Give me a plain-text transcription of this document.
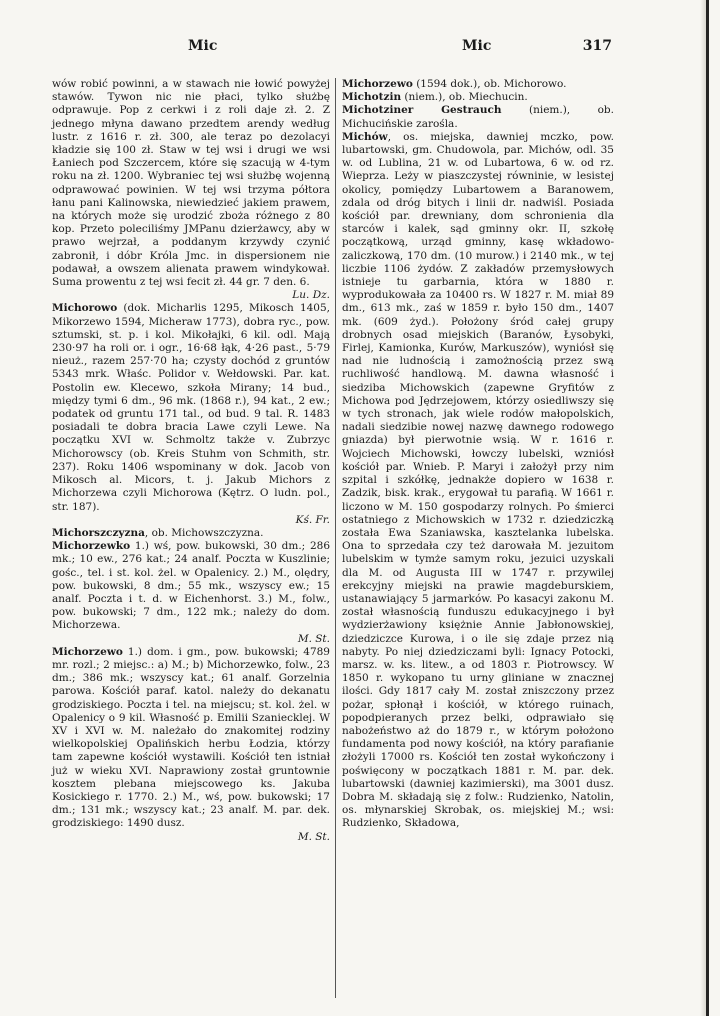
Mic	Mic	317

wów robić powinni, a w stawach nie łowić powyżej stawów. Tywon nic nie płaci, tylko służbę odprawuje. Pop z cerkwi i z roli daje zł. 2. Z jednego młyna dawano przedtem arendy według lustr. z 1616 r. zł. 300, ale teraz po dezolacyi kładzie się 100 zł. Staw w tej wsi i drugi we wsi Łaniech pod Szczercem, które się szacują w 4-tym roku na zł. 1200. Wybraniec tej wsi służbę wojenną odprawować powinien. W tej wsi trzyma półtora łanu pani Kalinowska, niewiedzieć jakiem prawem, na których może się urodzić zboża różnego z 80 kop. Przeto poleciliśmy JMPanu dzierżawcy, aby w prawo wejrzał, a poddanym krzywdy czynić zabronił, i dóbr Króla Jmc. in dispersionem nie podawał, a owszem alienata prawem windykował. Suma prowentu z tej wsi fecit zł. 44 gr. 7 den. 6.
Lu. Dz.

Michorowo (dok. Micharlis 1295, Mikosch 1405, Mikorzewo 1594, Micheraw 1773), dobra ryc., pow. sztumski, st. p. i kol. Mikołajki, 6 kil. odl. Mają 230·97 ha roli or. i ogr., 16·68 łąk, 4·26 past., 5·79 nieuż., razem 257·70 ha; czysty dochód z gruntów 5343 mrk. Właśc. Polidor v. Wełdowski. Par. kat. Postolin ew. Klecewo, szkoła Mirany; 14 bud., między tymi 6 dm., 96 mk. (1868 r.), 94 kat., 2 ew.; podatek od gruntu 171 tal., od bud. 9 tal. R. 1483 posiadali te dobra bracia Lawe czyli Lewe. Na początku XVI w. Schmoltz także v. Zubrzyc Michorowscy (ob. Kreis Stuhm von Schmith, str. 237). Roku 1406 wspominany w dok. Jacob von Mikosch al. Micors, t. j. Jakub Michors z Michorzewa czyli Michorowa (Kętrz. O ludn. pol., str. 187).
Kś. Fr.

Michorszczyzna, ob. Michowszczyzna.

Michorzewko 1.) wś, pow. bukowski, 30 dm.; 286 mk.; 10 ew., 276 kat.; 24 analf. Poczta w Kuszlinie; gośc., tel. i st. kol. żel. w Opalenicy. 2.) M., olędry, pow. bukowski, 8 dm.; 55 mk., wszyscy ew.; 15 analf. Poczta i t. d. w Eichenhorst. 3.) M., folw., pow. bukowski; 7 dm., 122 mk.; należy do dom. Michorzewa.
M. St.

Michorzewo 1.) dom. i gm., pow. bukowski; 4789 mr. rozl.; 2 miejsc.: a) M.; b) Michorzewko, folw., 23 dm.; 386 mk.; wszyscy kat.; 61 analf. Gorzelnia parowa. Kościół paraf. katol. należy do dekanatu grodziskiego. Poczta i tel. na miejscu; st. kol. żel. w Opalenicy o 9 kil. Własność p. Emilii Szaniecklej. W XV i XVI w. M. należało do znakomitej rodziny wielkopolskiej Opalińskich herbu Łodzia, którzy tam zapewne kościół wystawili. Kościół ten istniał już w wieku XVI. Naprawiony został gruntownie kosztem plebana miejscowego ks. Jakuba Kosickiego r. 1770. 2.) M., wś, pow. bukowski; 17 dm.; 131 mk.; wszyscy kat.; 23 analf. M. par. dek. grodziskiego: 1490 dusz.
M. St.

Michorzewo (1594 dok.), ob. Michorowo.

Michotzin (niem.), ob. Miechucin.

Michotziner Gestrauch (niem.), ob. Michucińskie zarośla.

Michów, os. miejska, dawniej mczko, pow. lubartowski, gm. Chudowola, par. Michów, odl. 35 w. od Lublina, 21 w. od Lubartowa, 6 w. od rz. Wieprza. Leży w piaszczystej równinie, w lesistej okolicy, pomiędzy Lubartowem a Baranowem, zdala od dróg bitych i linii dr. nadwiśl. Posiada kościół par. drewniany, dom schronienia dla starców i kalek, sąd gminny okr. II, szkołę początkową, urząd gminny, kasę wkładowo-zaliczkową, 170 dm. (10 murow.) i 2140 mk., w tej liczbie 1106 żydów. Z zakładów przemysłowych istnieje tu garbarnia, która w 1880 r. wyprodukowała za 10400 rs. W 1827 r. M. miał 89 dm., 613 mk., zaś w 1859 r. było 150 dm., 1407 mk. (609 żyd.). Położony śród całej grupy drobnych osad miejskich (Baranów, Łysobyki, Firlej, Kamionka, Kurów, Markuszów), wyniósł się nad nie ludnością i zamożnością przez swą ruchliwość handlową. M. dawna własność i siedziba Michowskich (zapewne Gryfitów z Michowa pod Jędrzejowem, którzy osiedliwszy się w tych stronach, jak wiele rodów małopolskich, nadali siedzibie nowej nazwę dawnego rodowego gniazda) był pierwotnie wsią. W r. 1616 r. Wojciech Michowski, łowczy lubelski, wzniósł kościół par. Wnieb. P. Maryi i założył przy nim szpital i szkółkę, jednakże dopiero w 1638 r. Zadzik, bisk. krak., erygował tu parafią. W 1661 r. liczono w M. 150 gospodarzy rolnych. Po śmierci ostatniego z Michowskich w 1732 r. dziedziczką została Ewa Szaniawska, kasztelanka lubelska. Ona to sprzedała czy też darowała M. jezuitom lubelskim w tymże samym roku, jezuici uzyskali dla M. od Augusta III w 1747 r. przywilej erekcyjny miejski na prawie magdeburskiem, ustanawiający 5 jarmarków. Po kasacyi zakonu M. został własnością funduszu edukacyjnego i był wydzierżawiony księżnie Annie Jabłonowskiej, dziedziczce Kurowa, i o ile się zdaje przez nią nabyty. Po niej dziedziczami byli: Ignacy Potocki, marsz. w. ks. litew., a od 1803 r. Piotrowscy. W 1850 r. wykopano tu urny gliniane w znacznej ilości. Gdy 1817 cały M. został zniszczony przez pożar, spłonął i kościół, w którego ruinach, popodpieranych przez belki, odprawiało się nabożeństwo aż do 1879 r., w którym położono fundamenta pod nowy kościół, na który parafianie złożyli 17000 rs. Kościół ten został wykończony i poświęcony w początkach 1881 r. M. par. dek. lubartowski (dawniej kazimierski), ma 3001 dusz. Dobra M. składają się z folw.: Rudzienko, Natolin, os. młynarskiej Skrobak, os. miejskiej M.; wsi: Rudzienko, Składowa,
